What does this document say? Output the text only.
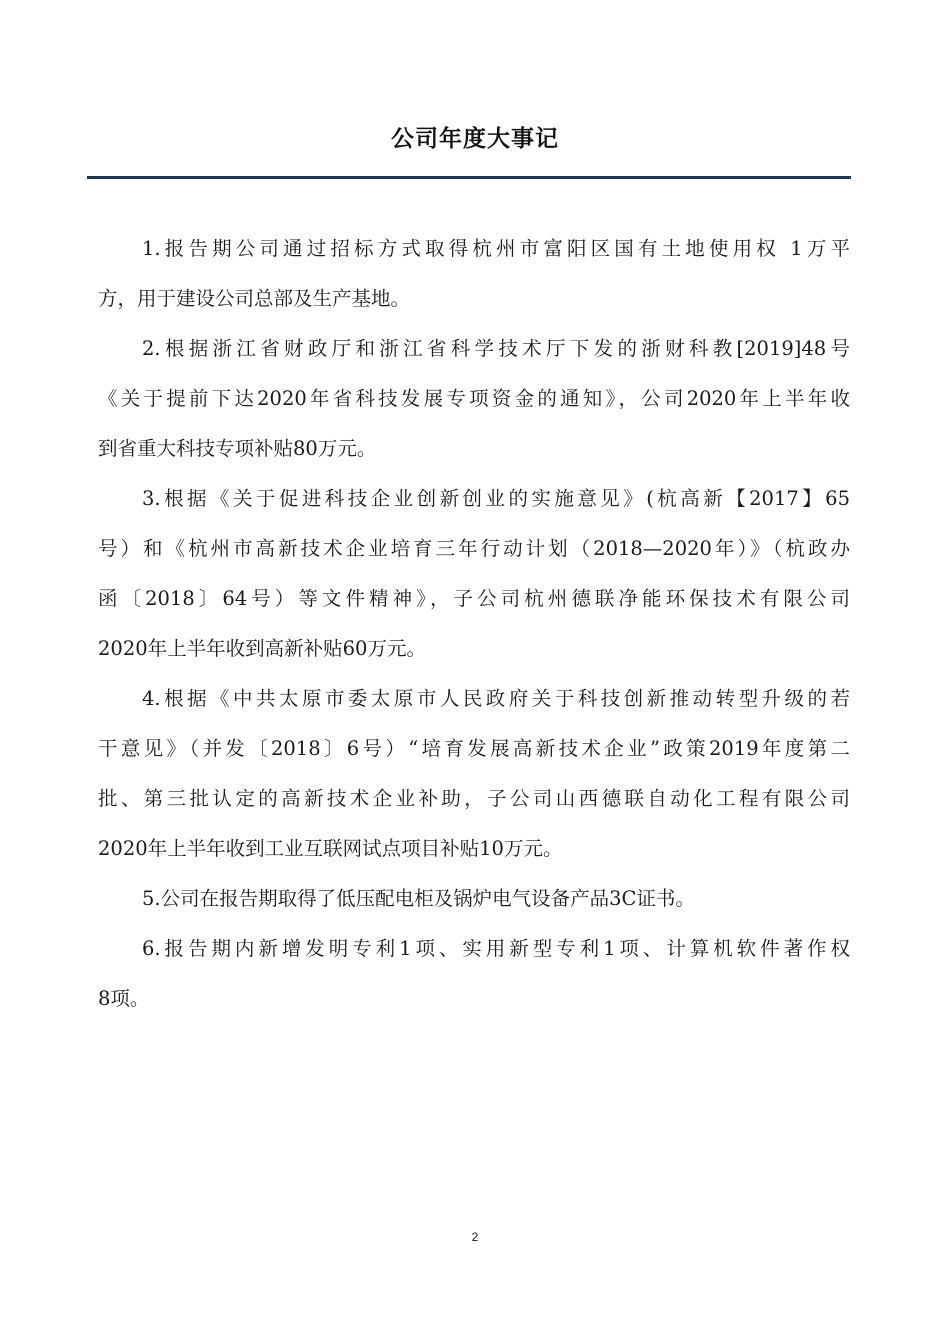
公司年度大事记
1.报告期公司通过招标方式取得杭州市富阳区国有土地使用权 1万平
方，用于建设公司总部及生产基地。
2.根据浙江省财政厅和浙江省科学技术厅下发的浙财科教[2019]48号
《关于提前下达2020年省科技发展专项资金的通知》，公司2020年上半年收
到省重大科技专项补贴80万元。
3.根据《关于促进科技企业创新创业的实施意见》(杭高新【2017】65
号）和《杭州市高新技术企业培育三年行动计划（2018—2020年）》（杭政办
函〔2018〕64号）等文件精神》，子公司杭州德联净能环保技术有限公司
2020年上半年收到高新补贴60万元。
4.根据《中共太原市委太原市人民政府关于科技创新推动转型升级的若
干意见》（并发〔2018〕6号）“培育发展高新技术企业”政策2019年度第二
批、第三批认定的高新技术企业补助，子公司山西德联自动化工程有限公司
2020年上半年收到工业互联网试点项目补贴10万元。
5.公司在报告期取得了低压配电柜及锅炉电气设备产品3C证书。
6.报告期内新增发明专利1项、实用新型专利1项、计算机软件著作权
8项。
2
